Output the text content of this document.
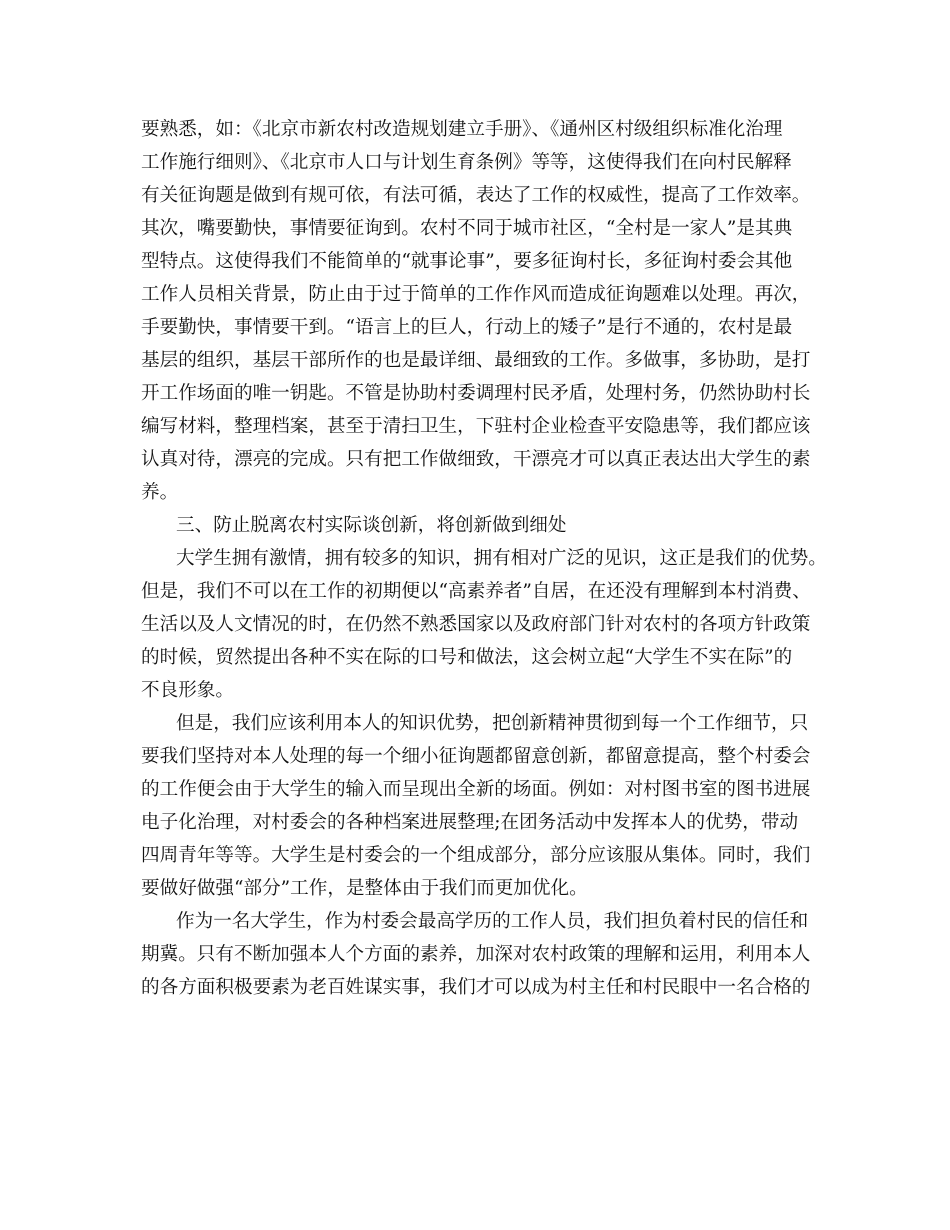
要熟悉，如：《北京市新农村改造规划建立手册》、《通州区村级组织标准化治理
工作施行细则》、《北京市人口与计划生育条例》等等，这使得我们在向村民解释
有关征询题是做到有规可依，有法可循，表达了工作的权威性，提高了工作效率。
其次，嘴要勤快，事情要征询到。农村不同于城市社区，“全村是一家人”是其典
型特点。这使得我们不能简单的“就事论事”，要多征询村长，多征询村委会其他
工作人员相关背景，防止由于过于简单的工作作风而造成征询题难以处理。再次，
手要勤快，事情要干到。“语言上的巨人，行动上的矮子”是行不通的，农村是最
基层的组织，基层干部所作的也是最详细、最细致的工作。多做事，多协助，是打
开工作场面的唯一钥匙。不管是协助村委调理村民矛盾，处理村务，仍然协助村长
编写材料，整理档案，甚至于清扫卫生，下驻村企业检查平安隐患等，我们都应该
认真对待，漂亮的完成。只有把工作做细致，干漂亮才可以真正表达出大学生的素
养。
三、防止脱离农村实际谈创新，将创新做到细处
大学生拥有激情，拥有较多的知识，拥有相对广泛的见识，这正是我们的优势。
但是，我们不可以在工作的初期便以“高素养者”自居，在还没有理解到本村消费、
生活以及人文情况的时，在仍然不熟悉国家以及政府部门针对农村的各项方针政策
的时候，贸然提出各种不实在际的口号和做法，这会树立起“大学生不实在际”的
不良形象。
但是，我们应该利用本人的知识优势，把创新精神贯彻到每一个工作细节，只
要我们坚持对本人处理的每一个细小征询题都留意创新，都留意提高，整个村委会
的工作便会由于大学生的输入而呈现出全新的场面。例如：对村图书室的图书进展
电子化治理，对村委会的各种档案进展整理;在团务活动中发挥本人的优势，带动
四周青年等等。大学生是村委会的一个组成部分，部分应该服从集体。同时，我们
要做好做强“部分”工作，是整体由于我们而更加优化。
作为一名大学生，作为村委会最高学历的工作人员，我们担负着村民的信任和
期冀。只有不断加强本人个方面的素养，加深对农村政策的理解和运用，利用本人
的各方面积极要素为老百姓谋实事，我们才可以成为村主任和村民眼中一名合格的
